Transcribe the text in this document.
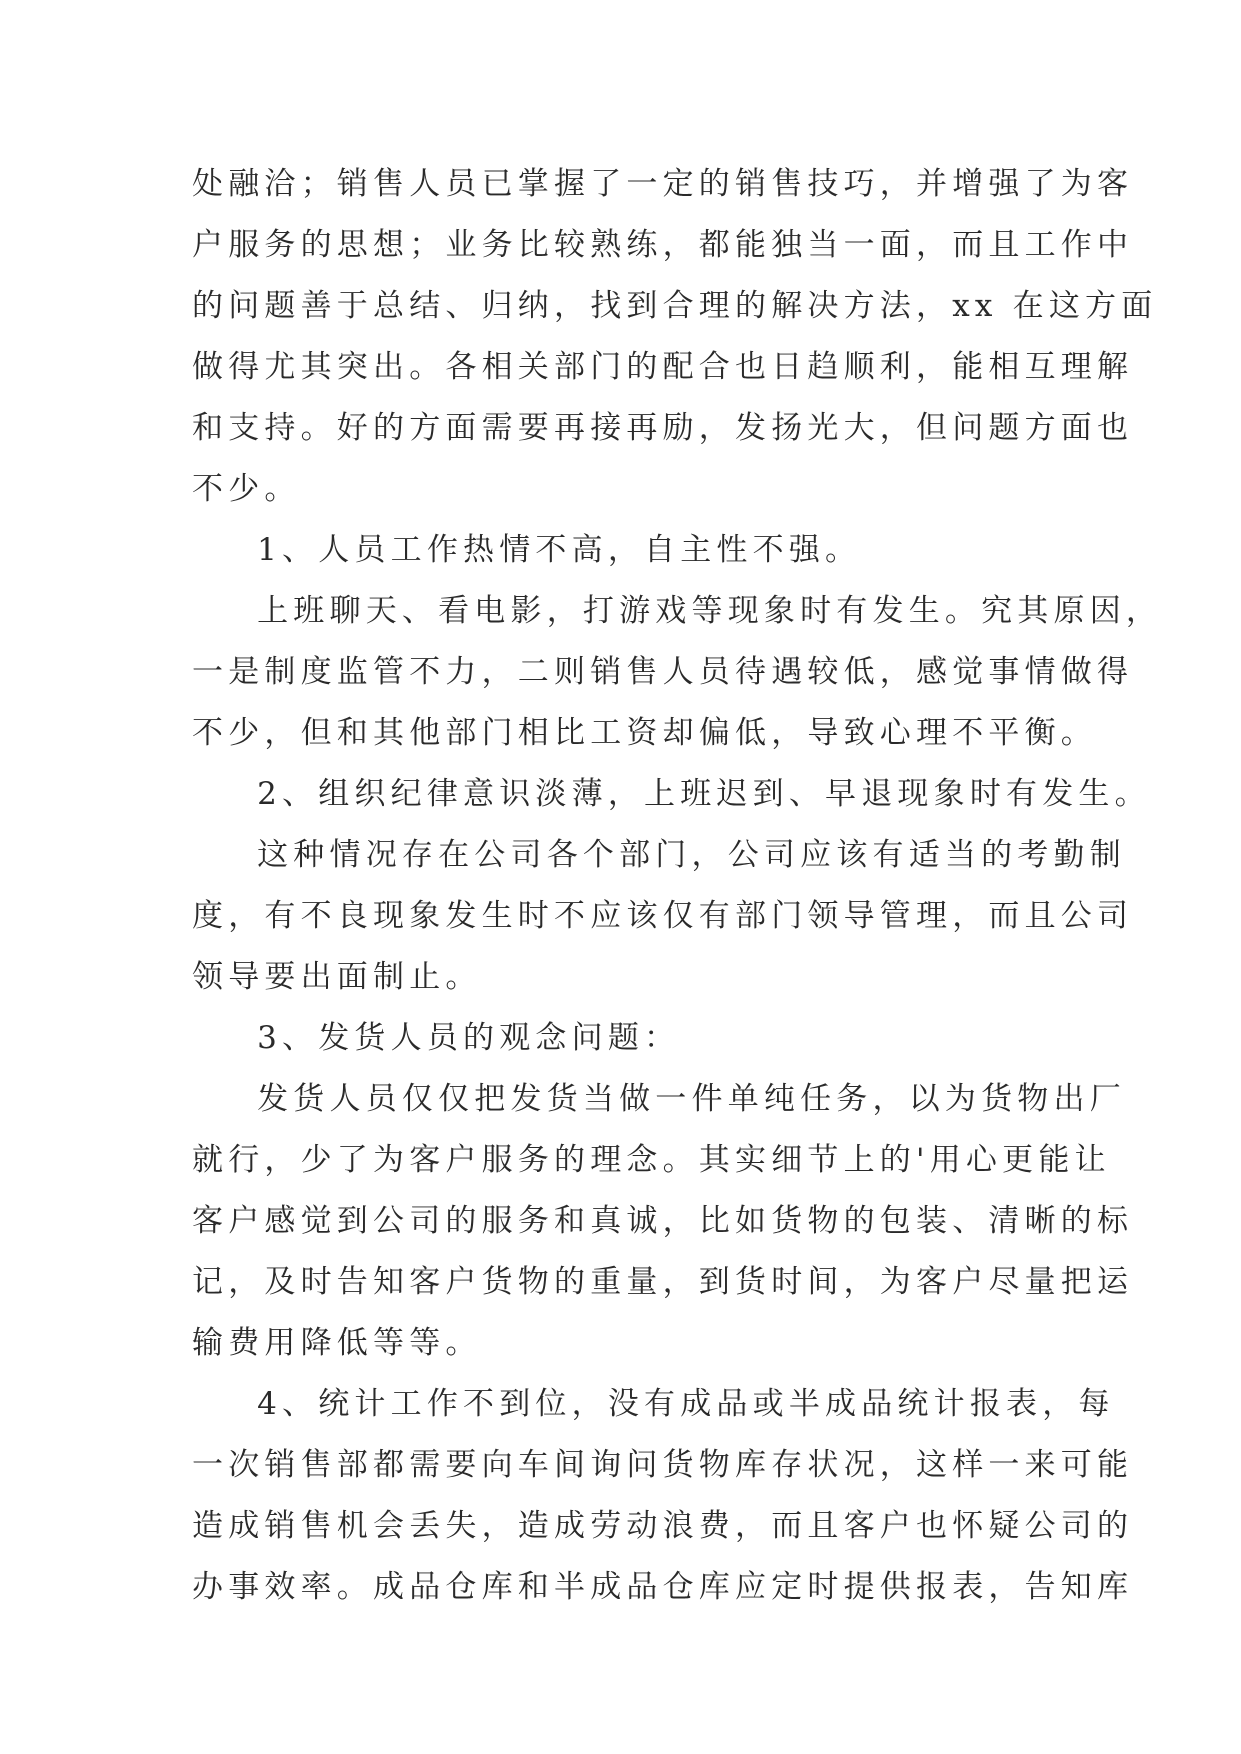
处融洽；销售人员已掌握了一定的销售技巧，并增强了为客
户服务的思想；业务比较熟练，都能独当一面，而且工作中
的问题善于总结、归纳，找到合理的解决方法，xx 在这方面
做得尤其突出。各相关部门的配合也日趋顺利，能相互理解
和支持。好的方面需要再接再励，发扬光大，但问题方面也
不少。

1、人员工作热情不高，自主性不强。

上班聊天、看电影，打游戏等现象时有发生。究其原因，
一是制度监管不力，二则销售人员待遇较低，感觉事情做得
不少，但和其他部门相比工资却偏低，导致心理不平衡。

2、组织纪律意识淡薄，上班迟到、早退现象时有发生。

这种情况存在公司各个部门，公司应该有适当的考勤制
度，有不良现象发生时不应该仅有部门领导管理，而且公司
领导要出面制止。

3、发货人员的观念问题：

发货人员仅仅把发货当做一件单纯任务，以为货物出厂
就行，少了为客户服务的理念。其实细节上的'用心更能让
客户感觉到公司的服务和真诚，比如货物的包装、清晰的标
记，及时告知客户货物的重量，到货时间，为客户尽量把运
输费用降低等等。

4、统计工作不到位，没有成品或半成品统计报表，每
一次销售部都需要向车间询问货物库存状况，这样一来可能
造成销售机会丢失，造成劳动浪费，而且客户也怀疑公司的
办事效率。成品仓库和半成品仓库应定时提供报表，告知库
